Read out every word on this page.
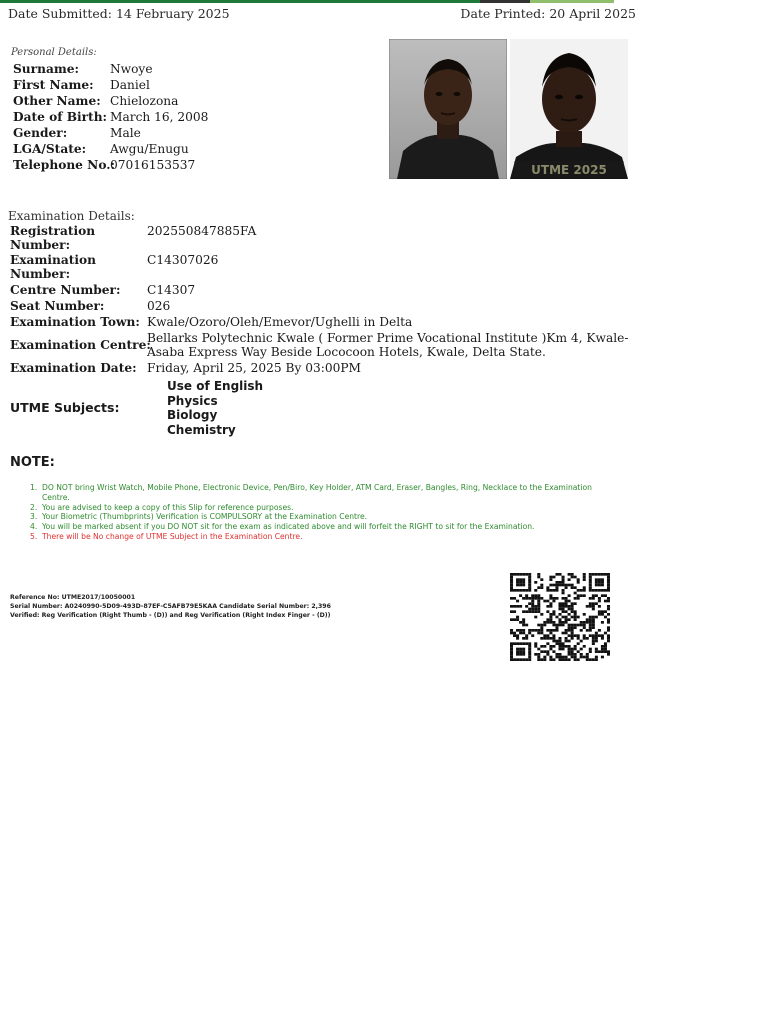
Date Submitted: 14 February 2025	Date Printed: 20 April 2025
Personal Details:
Surname:	Nwoye
First Name: Daniel
Other Name: Chielozona
Date of Birth: March 16, 2008
Gender:	Male
LGA/State: Awgu/Enugu
Telephone No.:
07016153537	UTME 2025
Examination Details:
Registration
Number:
202550847885FA
Examination
Number:
C14307026
Centre Number: C14307
Seat Number:	026
Examination Town: Kwale/Ozoro/Oleh/Emevor/Ughelli in Delta
Examination Centre:
Bellarks Polytechnic Kwale ( Former Prime Vocational Institute )Km 4, Kwale-
Asaba Express Way Beside Lococoon Hotels, Kwale, Delta State.
Examination Date: Friday, April 25, 2025 By 03:00PM
UTME Subjects:
Use of English
Physics
Biology
Chemistry
NOTE:
1. DO NOT bring Wrist Watch, Mobile Phone, Electronic Device, Pen/Biro, Key Holder, ATM Card, Eraser, Bangles, Ring, Necklace to the Examination Centre.
2. You are advised to keep a copy of this Slip for reference purposes.
3. Your Biometric (Thumbprints) Verification is COMPULSORY at the Examination Centre.
4. You will be marked absent if you DO NOT sit for the exam as indicated above and will forfeit the RIGHT to sit for the Examination.
5. There will be No change of UTME Subject in the Examination Centre.
Reference No: UTME2017/10050001
Serial Number: A0240990-5D09-493D-87EF-C5AFB79E5KAA Candidate Serial Number: 2,396
Verified: Reg Verification (Right Thumb - (D)) and Reg Verification (Right Index Finger - (D))
